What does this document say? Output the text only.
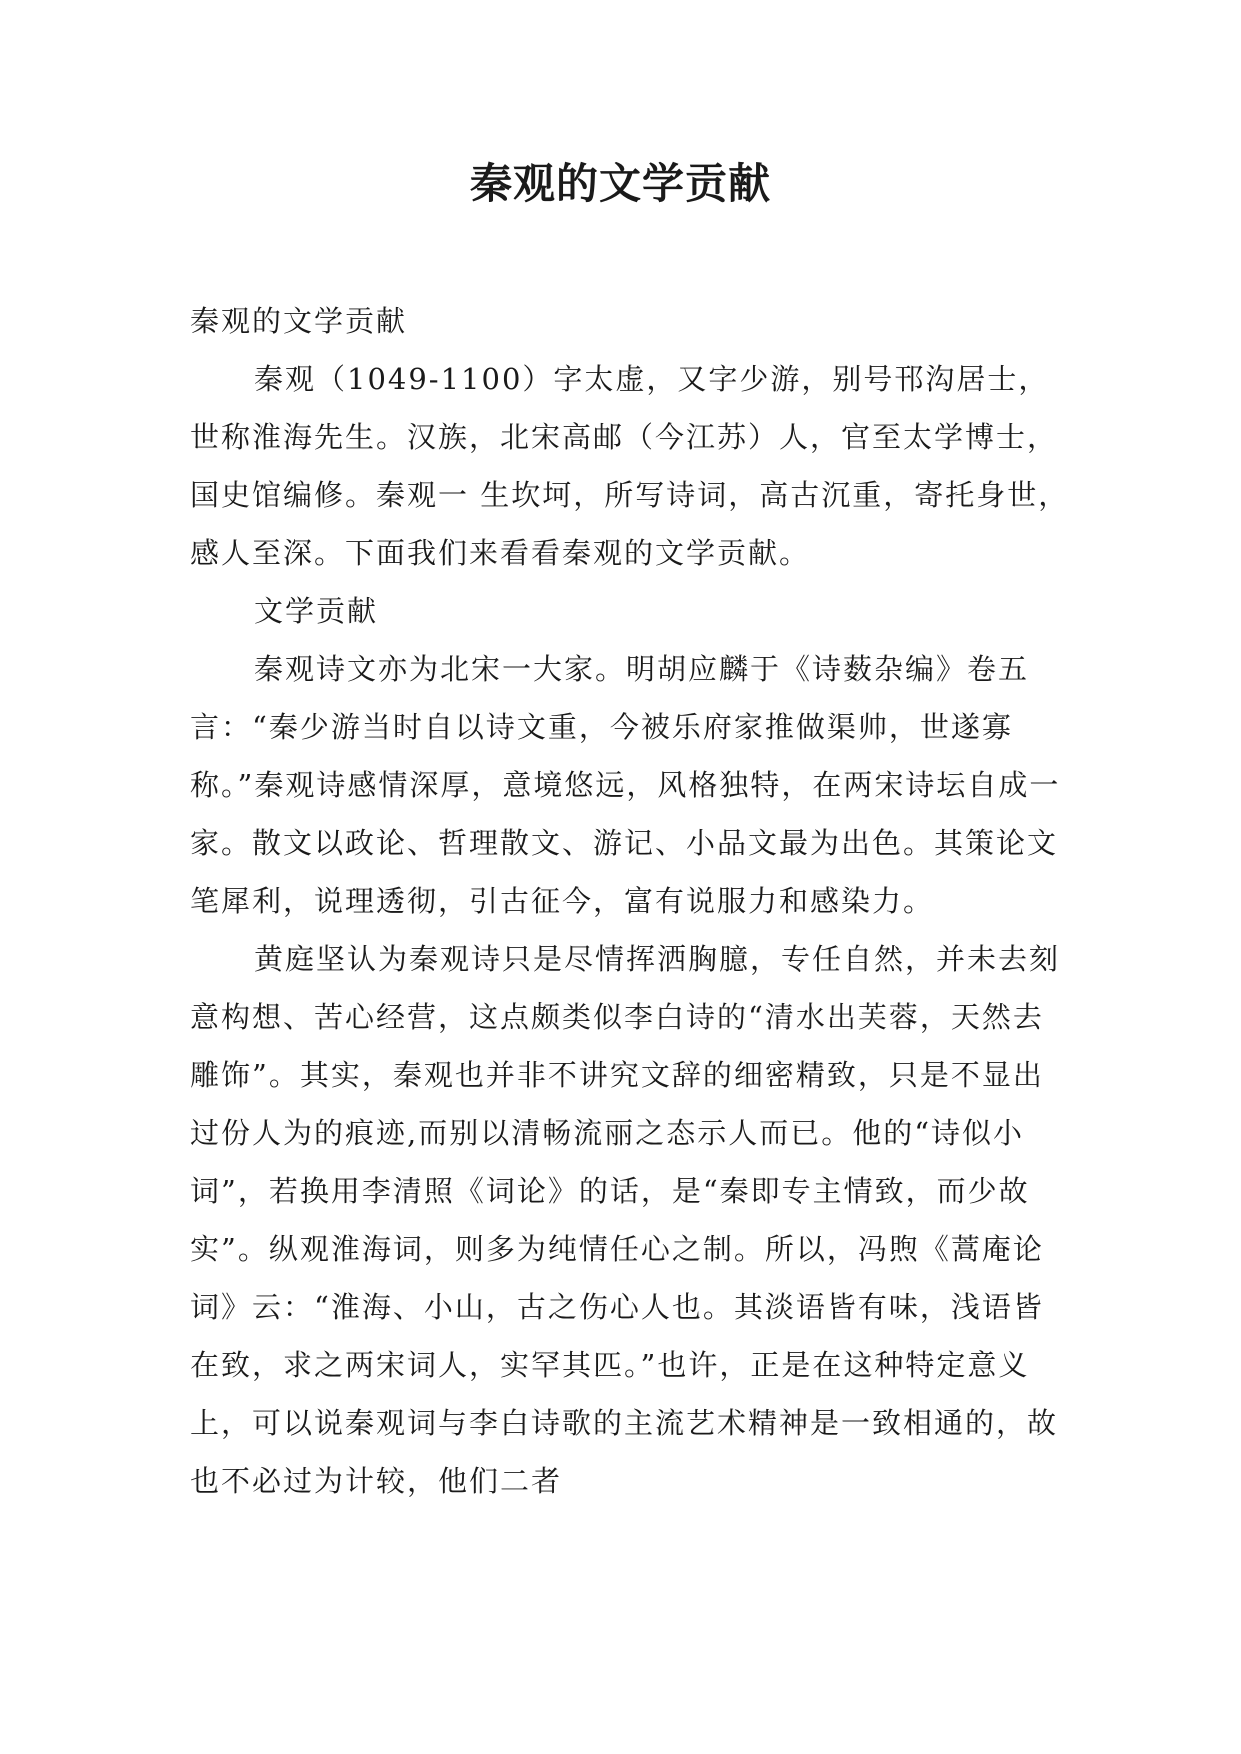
秦观的文学贡献

秦观的文学贡献

秦观（1049-1100）字太虚，又字少游，别号邗沟居士，世称淮海先生。汉族，北宋高邮（今江苏）人，官至太学博士，国史馆编修。秦观一 生坎坷，所写诗词，高古沉重，寄托身世，感人至深。下面我们来看看秦观的文学贡献。

文学贡献

秦观诗文亦为北宋一大家。明胡应麟于《诗薮杂编》卷五言：“秦少游当时自以诗文重，今被乐府家推做渠帅，世遂寡称。”秦观诗感情深厚，意境悠远，风格独特，在两宋诗坛自成一家。散文以政论、哲理散文、游记、小品文最为出色。其策论文笔犀利，说理透彻，引古征今，富有说服力和感染力。

黄庭坚认为秦观诗只是尽情挥洒胸臆，专任自然，并未去刻意构想、苦心经营，这点颇类似李白诗的“清水出芙蓉，天然去雕饰”。其实，秦观也并非不讲究文辞的细密精致，只是不显出过份人为的痕迹,而别以清畅流丽之态示人而已。他的“诗似小词”，若换用李清照《词论》的话，是“秦即专主情致，而少故实”。纵观淮海词，则多为纯情任心之制。所以，冯煦《蒿庵论词》云：“淮海、小山，古之伤心人也。其淡语皆有味，浅语皆在致，求之两宋词人，实罕其匹。”也许，正是在这种特定意义上，可以说秦观词与李白诗歌的主流艺术精神是一致相通的，故也不必过为计较，他们二者
